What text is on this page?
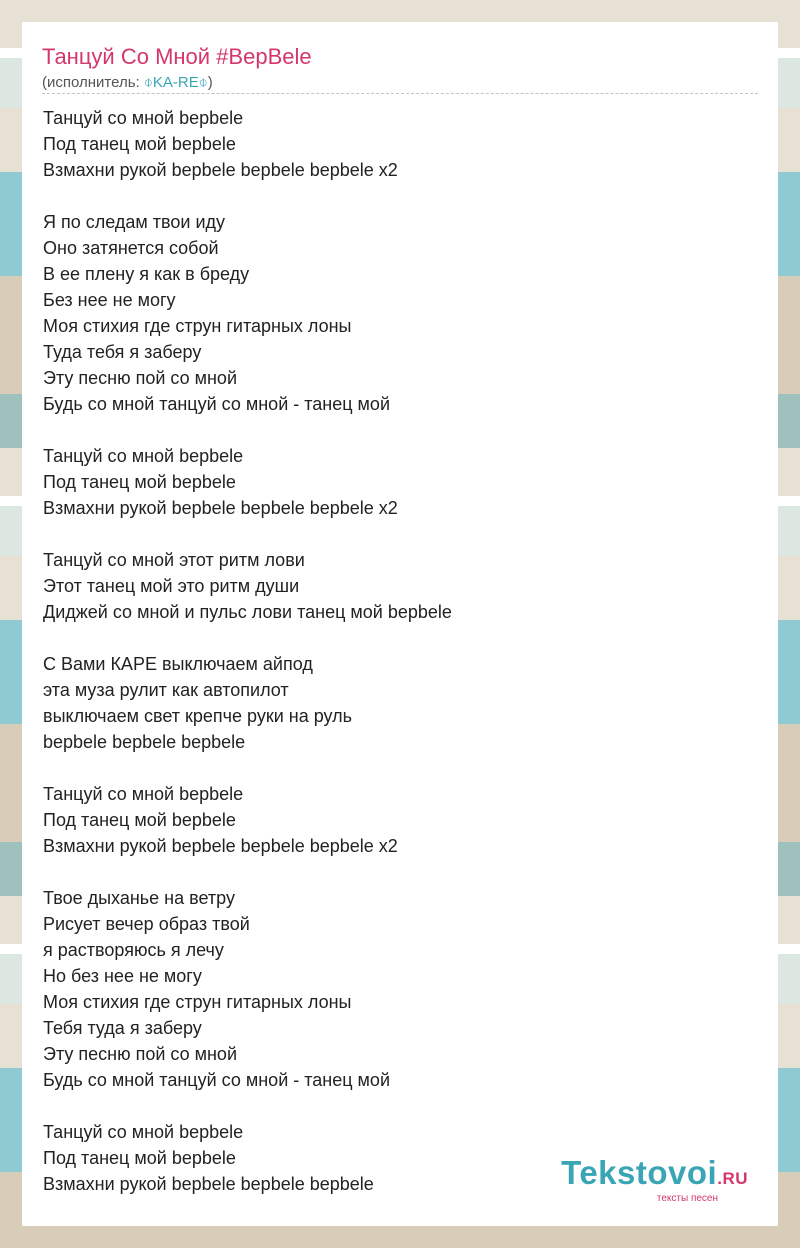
Танцуй Со Мной #BepBele
(исполнитель: ⌽KA-RE⌽)
Танцуй со мной bepbele
Под танец мой bepbele
Взмахни рукой bepbele bepbele bepbele x2
Я по следам твои иду
Оно затянется собой
В ее плену я как в бреду
Без нее не могу
Моя стихия где струн гитарных лоны
Туда тебя я заберу
Эту песню пой со мной
Будь со мной танцуй со мной - танец мой
Танцуй со мной bepbele
Под танец мой bepbele
Взмахни рукой bepbele bepbele bepbele x2
Танцуй со мной этот ритм лови
Этот танец мой это ритм души
Диджей со мной и пульс лови танец мой bepbele
С Вами КАРЕ выключаем айпод
эта муза рулит как автопилот
выключаем свет крепче руки на руль
bepbele bepbele bepbele
Танцуй со мной bepbele
Под танец мой bepbele
Взмахни рукой bepbele bepbele bepbele x2
Твое дыханье на ветру
Рисует вечер образ твой
я растворяюсь я лечу
Но без нее не могу
Моя стихия где струн гитарных лоны
Тебя туда я заберу
Эту песню пой со мной
Будь со мной танцуй со мной - танец мой
Танцуй со мной bepbele
Под танец мой bepbele
Взмахни рукой bepbele bepbele bepbele	Tekstovoi.RU
тексты песен
